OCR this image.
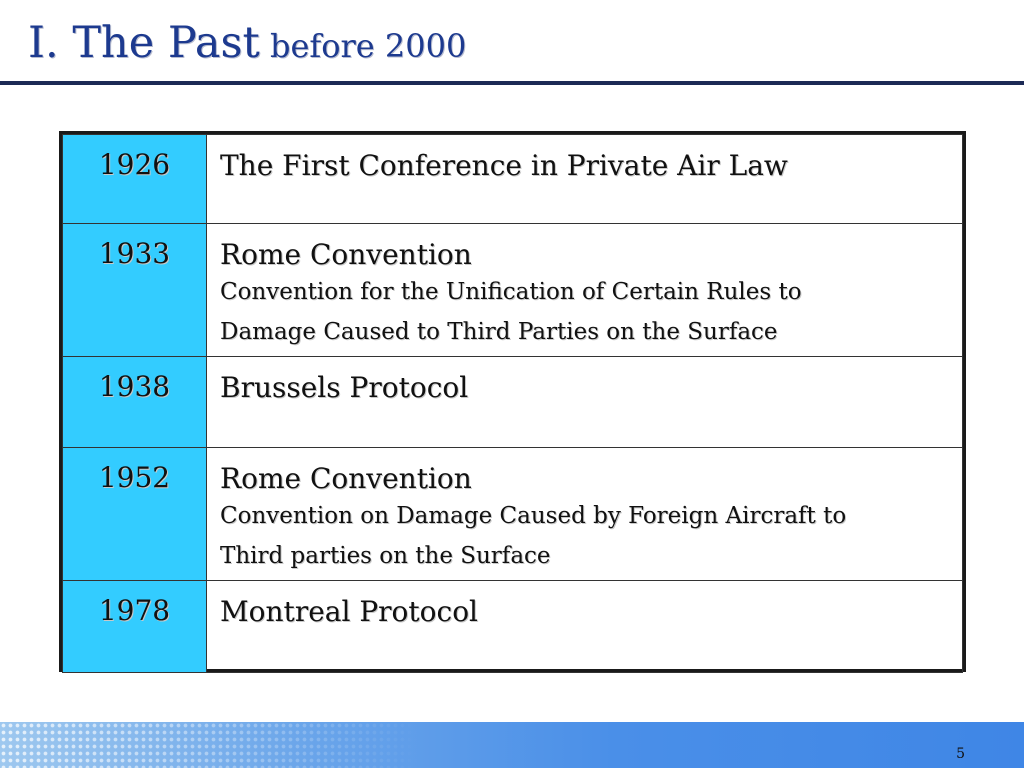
Ⅰ. The Past before 2000
1926	The First Conference in Private Air Law

1933	Rome Convention
Convention for the Unification of Certain Rules to
Damage Caused to Third Parties on the Surface

1938	Brussels Protocol

1952	Rome Convention
Convention on Damage Caused by Foreign Aircraft to
Third parties on the Surface

1978	Montreal Protocol
5
